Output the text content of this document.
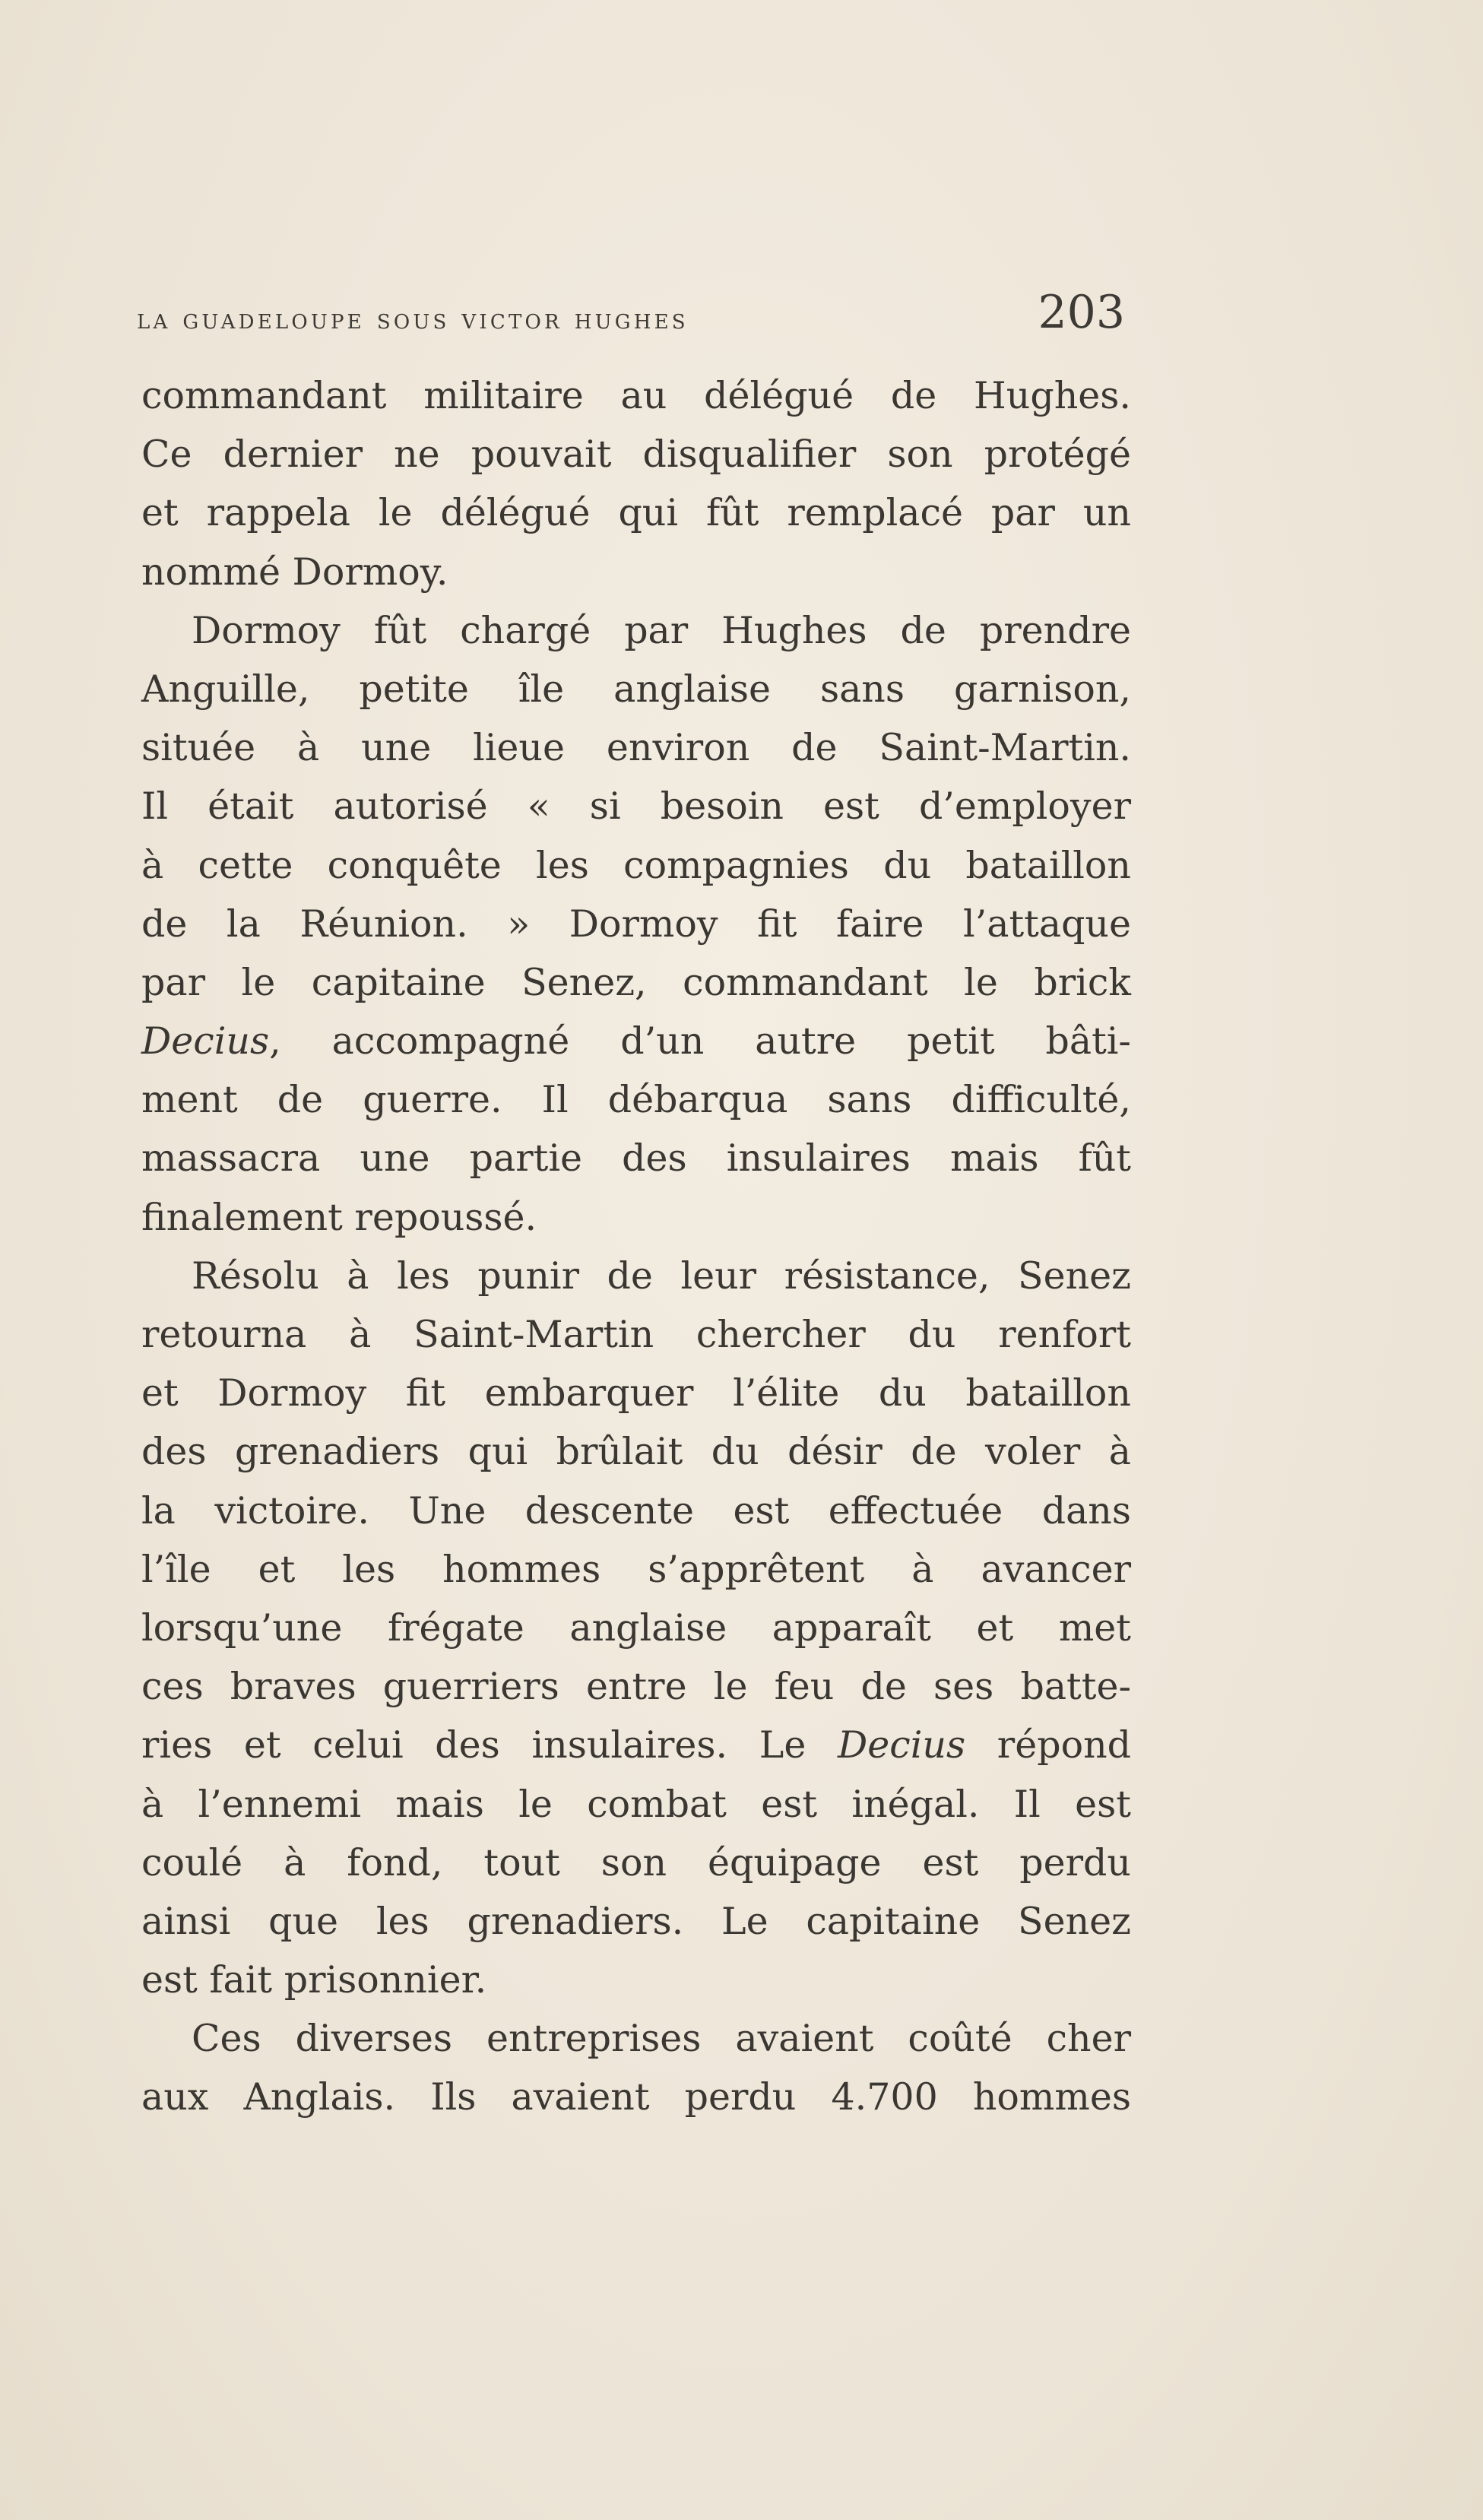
la guadeloupe sous victor hughes	203
commandant militaire au délégué de Hughes.
Ce dernier ne pouvait disqualifier son protégé
et rappela le délégué qui fût remplacé par un
nommé Dormoy.
Dormoy fût chargé par Hughes de prendre
Anguille, petite île anglaise sans garnison,
située à une lieue environ de Saint-Martin.
Il était autorisé « si besoin est d’employer
à cette conquête les compagnies du bataillon
de la Réunion. » Dormoy fit faire l’attaque
par le capitaine Senez, commandant le brick
Decius, accompagné d’un autre petit bâti-
ment de guerre. Il débarqua sans difficulté,
massacra une partie des insulaires mais fût
finalement repoussé.
Résolu à les punir de leur résistance, Senez
retourna à Saint-Martin chercher du renfort
et Dormoy fit embarquer l’élite du bataillon
des grenadiers qui brûlait du désir de voler à
la victoire. Une descente est effectuée dans
l’île et les hommes s’apprêtent à avancer
lorsqu’une frégate anglaise apparaît et met
ces braves guerriers entre le feu de ses batte-
ries et celui des insulaires. Le Decius répond
à l’ennemi mais le combat est inégal. Il est
coulé à fond, tout son équipage est perdu
ainsi que les grenadiers. Le capitaine Senez
est fait prisonnier.
Ces diverses entreprises avaient coûté cher
aux Anglais. Ils avaient perdu 4.700 hommes
